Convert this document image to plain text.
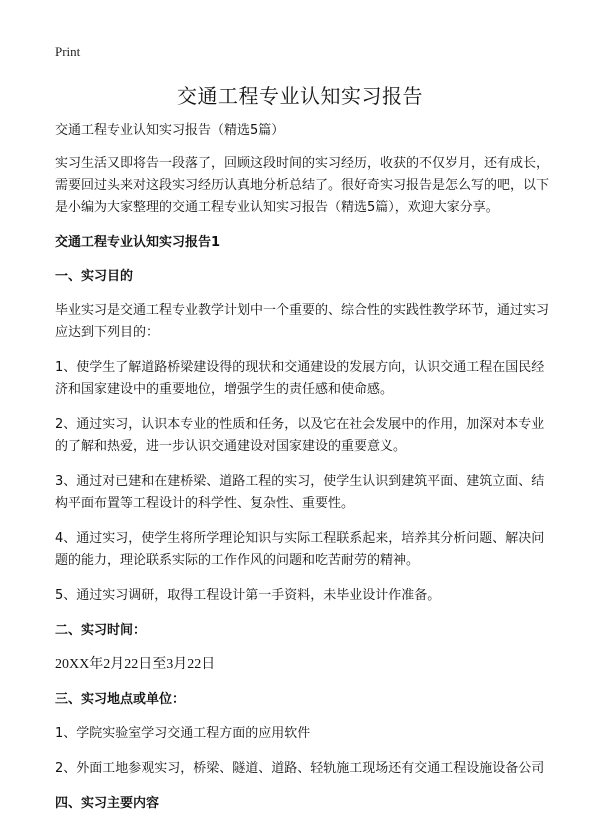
Print
交通工程专业认知实习报告

交通工程专业认知实习报告（精选5篇）

实习生活又即将告一段落了，回顾这段时间的实习经历，收获的不仅岁月，还有成长，需要回过头来对这段实习经历认真地分析总结了。很好奇实习报告是怎么写的吧，以下是小编为大家整理的交通工程专业认知实习报告（精选5篇），欢迎大家分享。

交通工程专业认知实习报告1

一、实习目的

毕业实习是交通工程专业教学计划中一个重要的、综合性的实践性教学环节，通过实习应达到下列目的：

1、使学生了解道路桥梁建设得的现状和交通建设的发展方向，认识交通工程在国民经济和国家建设中的重要地位，增强学生的责任感和使命感。

2、通过实习，认识本专业的性质和任务，以及它在社会发展中的作用，加深对本专业的了解和热爱，进一步认识交通建设对国家建设的重要意义。

3、通过对已建和在建桥梁、道路工程的实习，使学生认识到建筑平面、建筑立面、结构平面布置等工程设计的科学性、复杂性、重要性。

4、通过实习，使学生将所学理论知识与实际工程联系起来，培养其分析问题、解决问题的能力，理论联系实际的工作作风的问题和吃苦耐劳的精神。

5、通过实习调研，取得工程设计第一手资料，未毕业设计作准备。

二、实习时间：

20XX年2月22日至3月22日

三、实习地点或单位：

1、学院实验室学习交通工程方面的应用软件

2、外面工地参观实习，桥梁、隧道、道路、轻轨施工现场还有交通工程设施设备公司

四、实习主要内容
